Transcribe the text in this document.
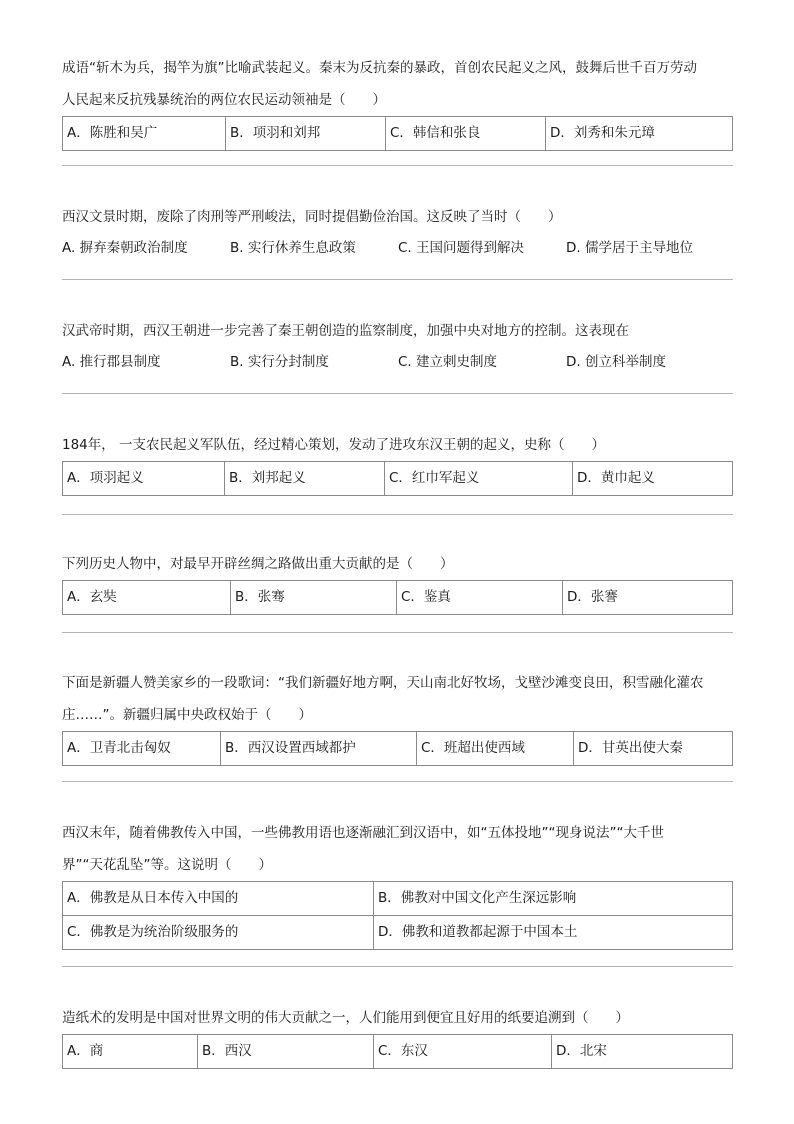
成语“斩木为兵，揭竿为旗”比喻武装起义。秦末为反抗秦的暴政，首创农民起义之风，鼓舞后世千百万劳动
人民起来反抗残暴统治的两位农民运动领袖是（　　）
A．陈胜和吴广	B．项羽和刘邦	C．韩信和张良	D．刘秀和朱元璋
西汉文景时期，废除了肉刑等严刑峻法，同时提倡勤俭治国。这反映了当时（　　）
A. 摒弃秦朝政治制度	B. 实行休养生息政策	C. 王国问题得到解决	D. 儒学居于主导地位
汉武帝时期，西汉王朝进一步完善了秦王朝创造的监察制度，加强中央对地方的控制。这表现在
A. 推行郡县制度	B. 实行分封制度	C. 建立刺史制度	D. 创立科举制度
184年， 一支农民起义军队伍，经过精心策划，发动了进攻东汉王朝的起义，史称（　　）
A．项羽起义	B．刘邦起义	C．红巾军起义	D．黄巾起义
下列历史人物中，对最早开辟丝绸之路做出重大贡献的是（　　）
A．玄奘	B．张骞	C．鉴真	D．张謇
下面是新疆人赞美家乡的一段歌词：“我们新疆好地方啊，天山南北好牧场，戈壁沙滩变良田，积雪融化灌农
庄……”。新疆归属中央政权始于（　　）
A．卫青北击匈奴	B．西汉设置西域都护	C．班超出使西域	D．甘英出使大秦
西汉末年，随着佛教传入中国，一些佛教用语也逐渐融汇到汉语中，如“五体投地”“现身说法”“大千世
界”“天花乱坠”等。这说明（　　）
A．佛教是从日本传入中国的	B．佛教对中国文化产生深远影响
C．佛教是为统治阶级服务的	D．佛教和道教都起源于中国本土
造纸术的发明是中国对世界文明的伟大贡献之一，人们能用到便宜且好用的纸要追溯到（　　）
A．商	B．西汉	C．东汉	D．北宋
